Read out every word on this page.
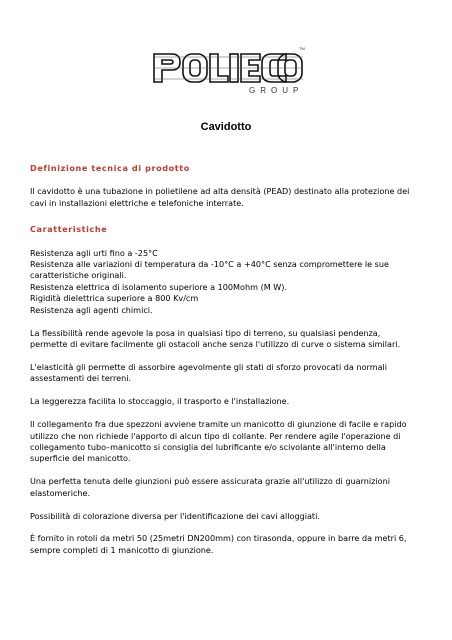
GROUP
TM
Cavidotto
Definizione tecnica di prodotto

Il cavidotto è una tubazione in polietilene ad alta densità (PEAD) destinato alla protezione dei
cavi in installazioni elettriche e telefoniche interrate.

Caratteristiche

Resistenza agli urti fino a -25°C
Resistenza alle variazioni di temperatura da -10°C a +40°C senza compromettere le sue
caratteristiche originali.
Resistenza elettrica di isolamento superiore a 100Mohm (M W).
Rigidità dielettrica superiore a 800 Kv/cm
Resistenza agli agenti chimici.

La flessibilità rende agevole la posa in qualsiasi tipo di terreno, su qualsiasi pendenza,
permette di evitare facilmente gli ostacoli anche senza l'utilizzo di curve o sistema similari.

L'elasticità gli permette di assorbire agevolmente gli stati di sforzo provocati da normali
assestamenti dei terreni.

La leggerezza facilita lo stoccaggio, il trasporto e l'installazione.

Il collegamento fra due spezzoni avviene tramite un manicotto di giunzione di facile e rapido
utilizzo che non richiede l'apporto di alcun tipo di collante. Per rendere agile l'operazione di
collegamento tubo–manicotto si consiglia del lubrificante e/o scivolante all'interno della
superficie del manicotto.

Una perfetta tenuta delle giunzioni può essere assicurata grazie all'utilizzo di guarnizioni
elastomeriche.

Possibilità di colorazione diversa per l'identificazione dei cavi alloggiati.

È fornito in rotoli da metri 50 (25metri DN200mm) con tirasonda, oppure in barre da metri 6,
sempre completi di 1 manicotto di giunzione.
